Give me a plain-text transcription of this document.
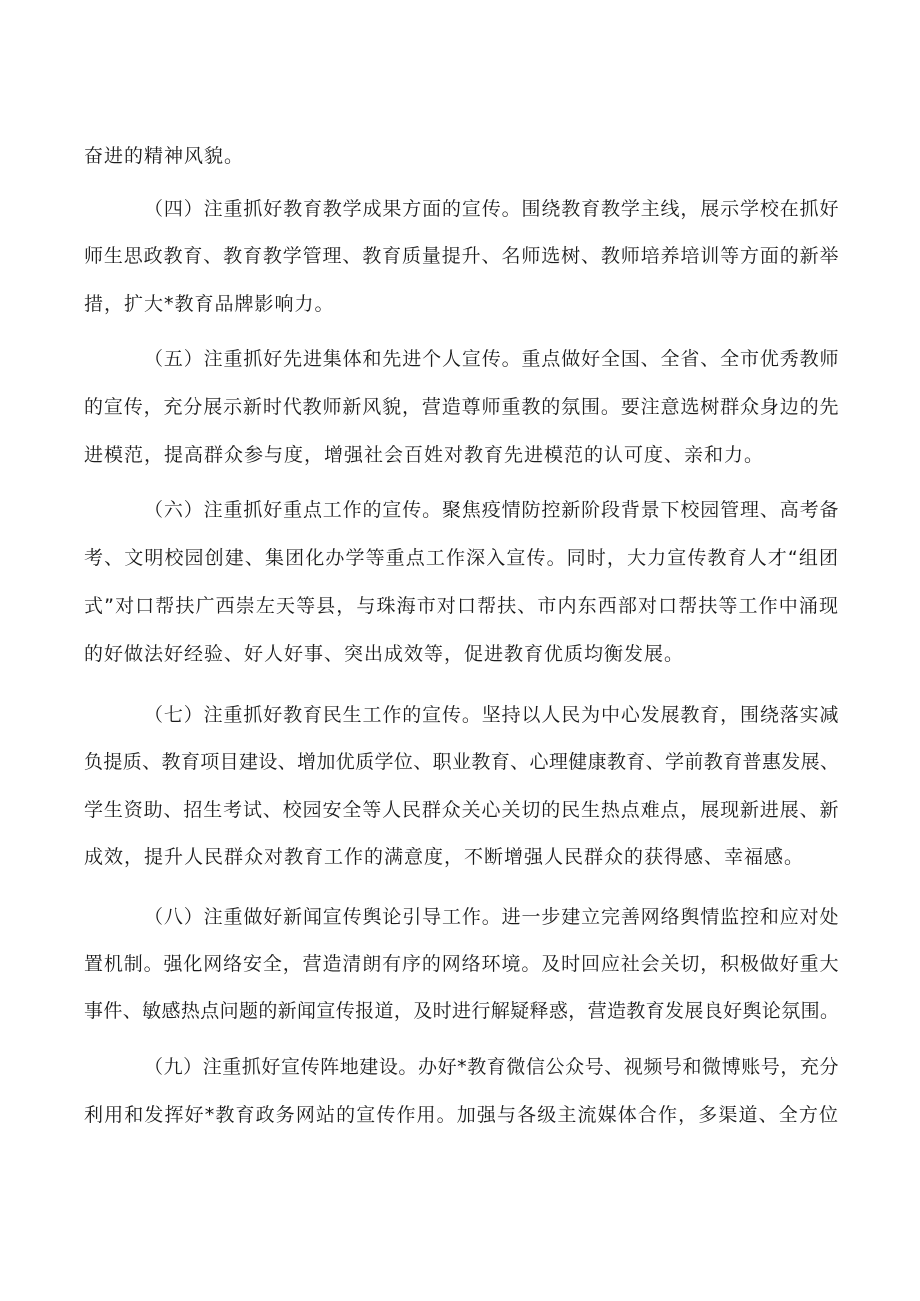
奋进的精神风貌。
（四）注重抓好教育教学成果方面的宣传。围绕教育教学主线，展示学校在抓好
师生思政教育、教育教学管理、教育质量提升、名师选树、教师培养培训等方面的新举
措，扩大*教育品牌影响力。
（五）注重抓好先进集体和先进个人宣传。重点做好全国、全省、全市优秀教师
的宣传，充分展示新时代教师新风貌，营造尊师重教的氛围。要注意选树群众身边的先
进模范，提高群众参与度，增强社会百姓对教育先进模范的认可度、亲和力。
（六）注重抓好重点工作的宣传。聚焦疫情防控新阶段背景下校园管理、高考备
考、文明校园创建、集团化办学等重点工作深入宣传。同时，大力宣传教育人才“组团
式”对口帮扶广西崇左天等县，与珠海市对口帮扶、市内东西部对口帮扶等工作中涌现
的好做法好经验、好人好事、突出成效等，促进教育优质均衡发展。
（七）注重抓好教育民生工作的宣传。坚持以人民为中心发展教育，围绕落实减
负提质、教育项目建设、增加优质学位、职业教育、心理健康教育、学前教育普惠发展、
学生资助、招生考试、校园安全等人民群众关心关切的民生热点难点，展现新进展、新
成效，提升人民群众对教育工作的满意度，不断增强人民群众的获得感、幸福感。
（八）注重做好新闻宣传舆论引导工作。进一步建立完善网络舆情监控和应对处
置机制。强化网络安全，营造清朗有序的网络环境。及时回应社会关切，积极做好重大
事件、敏感热点问题的新闻宣传报道，及时进行解疑释惑，营造教育发展良好舆论氛围。
（九）注重抓好宣传阵地建设。办好*教育微信公众号、视频号和微博账号，充分
利用和发挥好*教育政务网站的宣传作用。加强与各级主流媒体合作，多渠道、全方位
